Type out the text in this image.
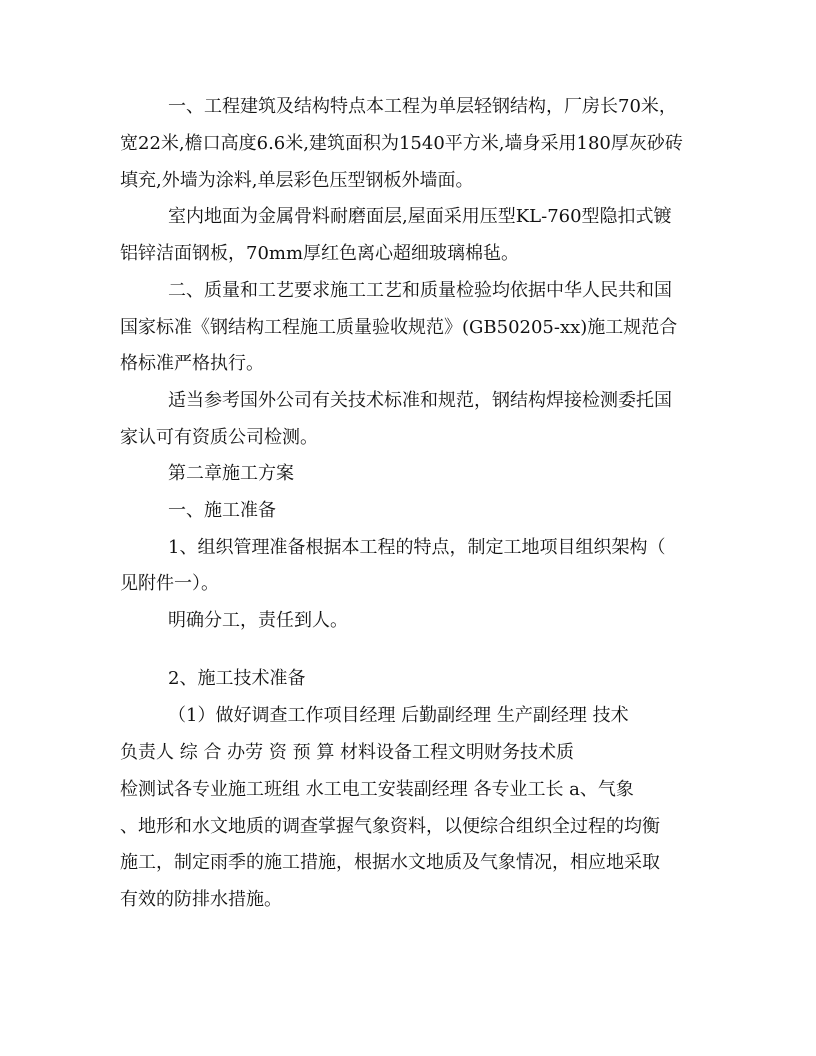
一、工程建筑及结构特点本工程为单层轻钢结构，厂房长70米，
宽22米,檐口高度6.6米,建筑面积为1540平方米,墙身采用180厚灰砂砖
填充,外墙为涂料,单层彩色压型钢板外墙面。
室内地面为金属骨料耐磨面层,屋面采用压型KL-760型隐扣式镀
铝锌洁面钢板，70mm厚红色离心超细玻璃棉毡。
二、质量和工艺要求施工工艺和质量检验均依据中华人民共和国
国家标准《钢结构工程施工质量验收规范》(GB50205-xx)施工规范合
格标准严格执行。
适当参考国外公司有关技术标准和规范，钢结构焊接检测委托国
家认可有资质公司检测。
第二章施工方案
一、施工准备
1、组织管理准备根据本工程的特点，制定工地项目组织架构（
见附件一）。
明确分工，责任到人。
2、施工技术准备
（1）做好调查工作项目经理 后勤副经理 生产副经理 技术
负责人 综 合 办劳 资 预 算 材料设备工程文明财务技术质
检测试各专业施工班组 水工电工安装副经理 各专业工长 a、气象
、地形和水文地质的调查掌握气象资料，以便综合组织全过程的均衡
施工，制定雨季的施工措施，根据水文地质及气象情况，相应地采取
有效的防排水措施。
